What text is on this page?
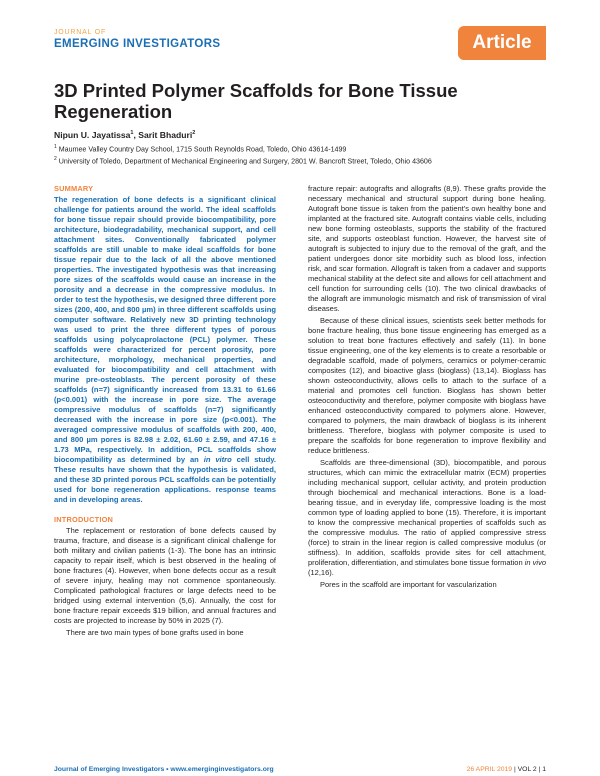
JOURNAL OF
EMERGING INVESTIGATORS	Article
3D Printed Polymer Scaffolds for Bone Tissue Regeneration
Nipun U. Jayatissa$^1$, Sarit Bhaduri$^2$
$^1$ Maumee Valley Country Day School, 1715 South Reynolds Road, Toledo, Ohio 43614-1499
$^2$ University of Toledo, Department of Mechanical Engineering and Surgery, 2801 W. Bancroft Street, Toledo, Ohio 43606
SUMMARY
The regeneration of bone defects is a significant clinical challenge for patients around the world. The ideal scaffolds for bone tissue repair should provide biocompatibility, pore architecture, biodegradability, mechanical support, and cell attachment sites. Conventionally fabricated polymer scaffolds are still unable to make ideal scaffolds for bone tissue repair due to the lack of all the above mentioned properties. The investigated hypothesis was that increasing pore sizes of the scaffolds would cause an increase in the porosity and a decrease in the compressive modulus. In order to test the hypothesis, we designed three different pore sizes (200, 400, and 800 µm) in three different scaffolds using computer software. Relatively new 3D printing technology was used to print the three different types of porous scaffolds using polycaprolactone (PCL) polymer. These scaffolds were characterized for percent porosity, pore architecture, morphology, mechanical properties, and evaluated for biocompatibility and cell attachment with murine pre-osteoblasts. The percent porosity of these scaffolds (n=7) significantly increased from 13.31 to 61.66 (p<0.001) with the increase in pore size. The average compressive modulus of scaffolds (n=7) significantly decreased with the increase in pore size (p<0.001). The averaged compressive modulus of scaffolds with 200, 400, and 800 µm pores is 82.98 ± 2.02, 61.60 ± 2.59, and 47.16 ± 1.73 MPa, respectively. In addition, PCL scaffolds show biocompatibility as determined by an in vitro cell study. These results have shown that the hypothesis is validated, and these 3D printed porous PCL scaffolds can be potentially used for bone regeneration applications. response teams and in developing areas.
INTRODUCTION

The replacement or restoration of bone defects caused by trauma, fracture, and disease is a significant clinical challenge for both military and civilian patients (1-3). The bone has an intrinsic capacity to repair itself, which is best observed in the healing of bone fractures (4). However, when bone defects occur as a result of severe injury, healing may not commence spontaneously. Complicated pathological fractures or large defects need to be bridged using external intervention (5,6). Annually, the cost for bone fracture repair exceeds $19 billion, and annual fractures and costs are projected to increase by 50% in 2025 (7).

There are two main types of bone grafts used in bone

fracture repair: autografts and allografts (8,9). These grafts provide the necessary mechanical and structural support during bone healing. Autograft bone tissue is taken from the patient's own healthy bone and implanted at the fractured site. Autograft contains viable cells, including new bone forming osteoblasts, supports the stability of the fractured site, and supports osteoblast function. However, the harvest site of autograft is subjected to injury due to the removal of the graft, and the patient undergoes donor site morbidity such as blood loss, infection risk, and scar formation. Allograft is taken from a cadaver and supports mechanical stability at the defect site and allows for cell attachment and cell function for surrounding cells (10). The two clinical drawbacks of the allograft are immunologic mismatch and risk of transmission of viral diseases.

Because of these clinical issues, scientists seek better methods for bone fracture healing, thus bone tissue engineering has emerged as a solution to treat bone fractures effectively and safely (11). In bone tissue engineering, one of the key elements is to create a resorbable or degradable scaffold, made of polymers, ceramics or polymer-ceramic composites (12), and bioactive glass (bioglass) (13,14). Bioglass has shown osteoconductivity, allows cells to attach to the surface of a material and promotes cell function. Bioglass has shown better osteoconductivity and therefore, polymer composite with bioglass have enhanced osteoconductivity compared to polymers alone. However, compared to polymers, the main drawback of bioglass is its inherent brittleness. Therefore, bioglass with polymer composite is used to prepare the scaffolds for bone regeneration to improve flexibility and reduce brittleness.

Scaffolds are three-dimensional (3D), biocompatible, and porous structures, which can mimic the extracellular matrix (ECM) properties including mechanical support, cellular activity, and protein production through biochemical and mechanical interactions. Bone is a load-bearing tissue, and in everyday life, compressive loading is the most common type of loading applied to bone (15). Therefore, it is important to know the compressive mechanical properties of scaffolds such as the compressive modulus. The ratio of applied compressive stress (force) to strain in the linear region is called compressive modulus (or stiffness). In addition, scaffolds provide sites for cell attachment, proliferation, differentiation, and stimulates bone tissue formation in vivo (12,16).

Pores in the scaffold are important for vascularization

Journal of Emerging Investigators • www.emerginginvestigators.org	26 APRIL 2019 | VOL 2 | 1
